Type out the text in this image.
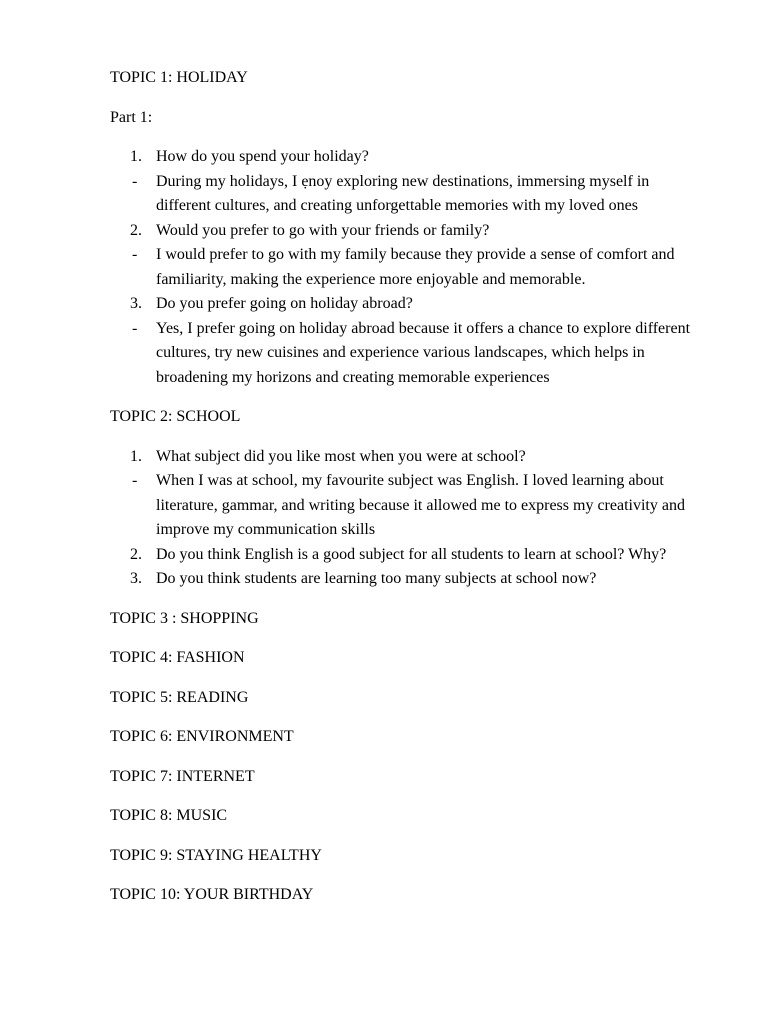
TOPIC 1: HOLIDAY

Part 1:

1. How do you spend your holiday?
-	During my holidays, I ẹnoy exploring new destinations, immersing myself in different cultures, and creating unforgettable memories with my loved ones
2. Would you prefer to go with your friends or family?
-	I would prefer to go with my family because they provide a sense of comfort and familiarity, making the experience more enjoyable and memorable.
3. Do you prefer going on holiday abroad?
-	Yes, I prefer going on holiday abroad because it offers a chance to explore different cultures, try new cuisines and experience various landscapes, which helps in broadening my horizons and creating memorable experiences

TOPIC 2: SCHOOL

1. What subject did you like most when you were at school?
-	When I was at school, my favourite subject was English. I loved learning about literature, gammar, and writing because it allowed me to express my creativity and improve my communication skills
2. Do you think English is a good subject for all students to learn at school? Why?
3. Do you think students are learning too many subjects at school now?

TOPIC 3 : SHOPPING

TOPIC 4: FASHION

TOPIC 5: READING

TOPIC 6: ENVIRONMENT

TOPIC 7: INTERNET

TOPIC 8: MUSIC

TOPIC 9: STAYING HEALTHY

TOPIC 10: YOUR BIRTHDAY
